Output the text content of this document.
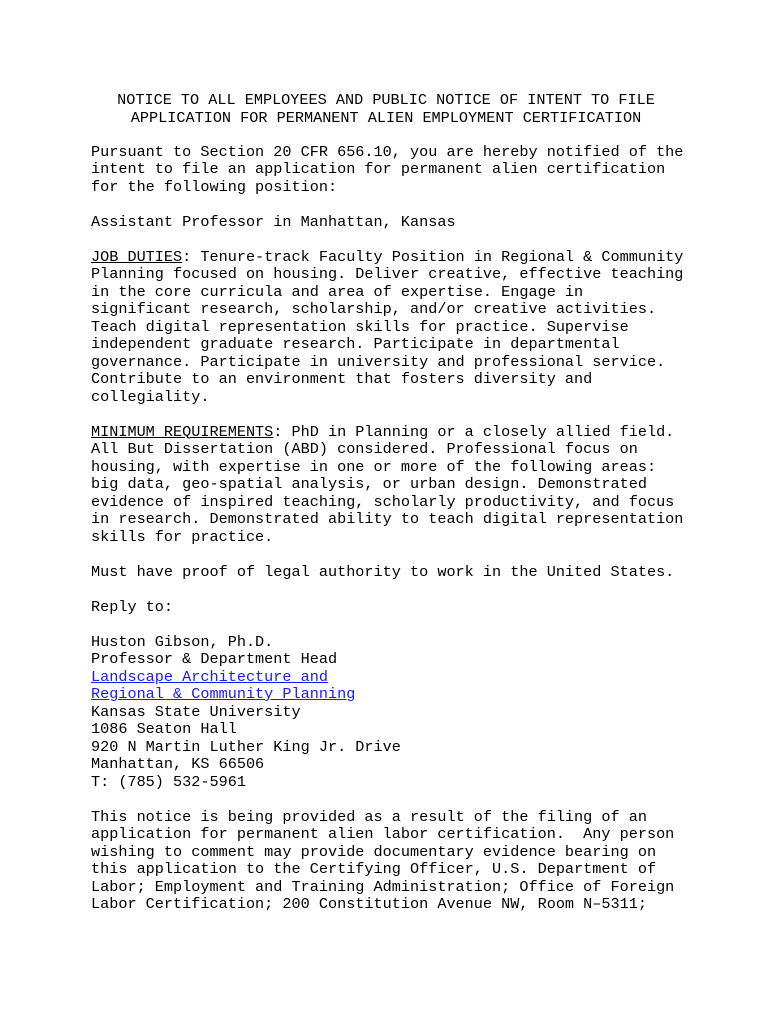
NOTICE TO ALL EMPLOYEES AND PUBLIC NOTICE OF INTENT TO FILE
APPLICATION FOR PERMANENT ALIEN EMPLOYMENT CERTIFICATION

Pursuant to Section 20 CFR 656.10, you are hereby notified of the
intent to file an application for permanent alien certification
for the following position:

Assistant Professor in Manhattan, Kansas

JOB DUTIES: Tenure-track Faculty Position in Regional & Community
Planning focused on housing. Deliver creative, effective teaching
in the core curricula and area of expertise. Engage in
significant research, scholarship, and/or creative activities.
Teach digital representation skills for practice. Supervise
independent graduate research. Participate in departmental
governance. Participate in university and professional service.
Contribute to an environment that fosters diversity and
collegiality.

MINIMUM REQUIREMENTS: PhD in Planning or a closely allied field.
All But Dissertation (ABD) considered. Professional focus on
housing, with expertise in one or more of the following areas:
big data, geo-spatial analysis, or urban design. Demonstrated
evidence of inspired teaching, scholarly productivity, and focus
in research. Demonstrated ability to teach digital representation
skills for practice.

Must have proof of legal authority to work in the United States.

Reply to:

Huston Gibson, Ph.D.
Professor & Department Head
Landscape Architecture and
Regional & Community Planning
Kansas State University
1086 Seaton Hall
920 N Martin Luther King Jr. Drive
Manhattan, KS 66506
T: (785) 532-5961

This notice is being provided as a result of the filing of an
application for permanent alien labor certification.  Any person
wishing to comment may provide documentary evidence bearing on
this application to the Certifying Officer, U.S. Department of
Labor; Employment and Training Administration; Office of Foreign
Labor Certification; 200 Constitution Avenue NW, Room N–5311;
